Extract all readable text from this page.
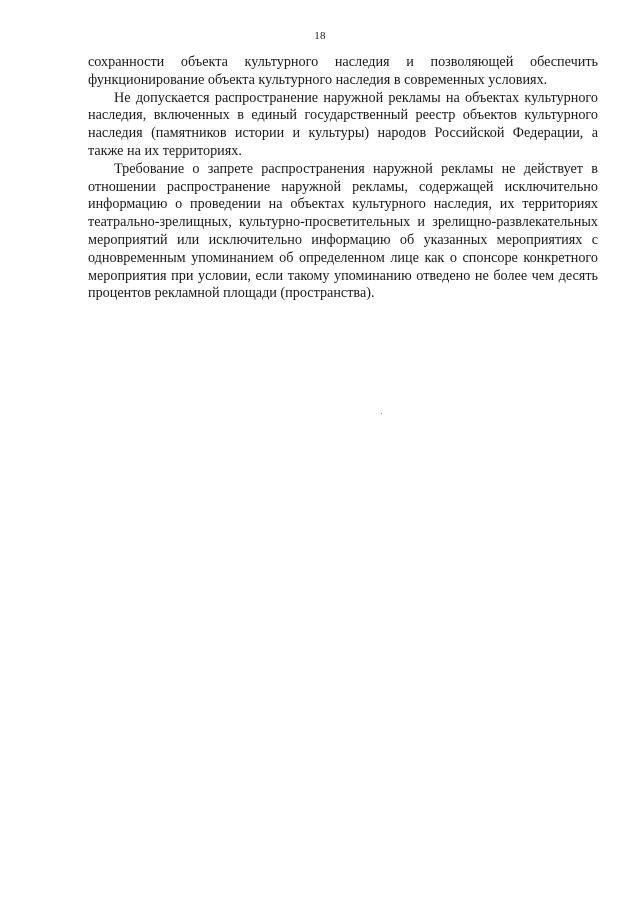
18

сохранности объекта культурного наследия и позволяющей обеспечить функционирование объекта культурного наследия в современных условиях.

Не допускается распространение наружной рекламы на объектах культурного наследия, включенных в единый государственный реестр объектов культурного наследия (памятников истории и культуры) народов Российской Федерации, а также на их территориях.

Требование о запрете распространения наружной рекламы не действует в отношении распространение наружной рекламы, содержащей исключительно информацию о проведении на объектах культурного наследия, их территориях театрально-зрелищных, культурно-просветительных и зрелищно-развлекательных мероприятий или исключительно информацию об указанных мероприятиях с одновременным упоминанием об определенном лице как о спонсоре конкретного мероприятия при условии, если такому упоминанию отведено не более чем десять процентов рекламной площади (пространства).
